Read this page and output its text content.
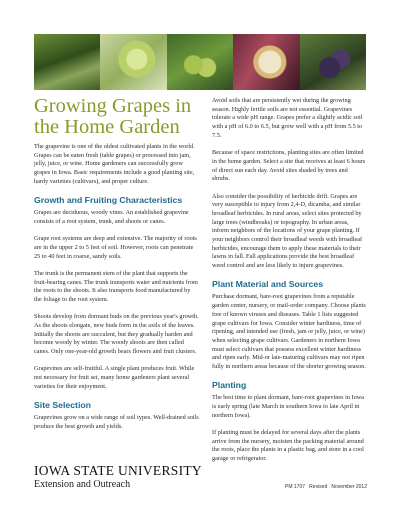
Growing Grapes in the Home Garden

The grapevine is one of the oldest cultivated plants in the world. Grapes can be eaten fresh (table grapes) or processed into jam, jelly, juice, or wine. Home gardeners can successfully grow grapes in Iowa. Basic requirements include a good planting site, hardy varieties (cultivars), and proper culture.

Growth and Fruiting Characteristics

Grapes are deciduous, woody vines. An established grapevine consists of a root system, trunk, and shoots or canes.

Grape root systems are deep and extensive. The majority of roots are in the upper 2 to 5 feet of soil. However, roots can penetrate 25 to 40 feet in coarse, sandy soils.

The trunk is the permanent stem of the plant that supports the fruit-bearing canes. The trunk transports water and nutrients from the roots to the shoots. It also transports food manufactured by the foliage to the root system.

Shoots develop from dormant buds on the previous year's growth. As the shoots elongate, new buds form in the axils of the leaves. Initially the shoots are succulent, but they gradually harden and become woody by winter. The woody shoots are then called canes. Only one-year-old growth bears flowers and fruit clusters.

Grapevines are self-fruitful. A single plant produces fruit. While not necessary for fruit set, many home gardeners plant several varieties for their enjoyment.

Site Selection

Grapevines grow on a wide range of soil types. Well-drained soils produce the best growth and yields.

Avoid soils that are persistently wet during the growing season. Highly fertile soils are not essential. Grapevines tolerate a wide pH range. Grapes prefer a slightly acidic soil with a pH of 6.0 to 6.5, but grow well with a pH from 5.5 to 7.5.

Because of space restrictions, planting sites are often limited in the home garden. Select a site that receives at least 6 hours of direct sun each day. Avoid sites shaded by trees and shrubs.

Also consider the possibility of herbicide drift. Grapes are very susceptible to injury from 2,4-D, dicamba, and similar broadleaf herbicides. In rural areas, select sites protected by large trees (windbreaks) or topography. In urban areas, inform neighbors of the locations of your grape planting. If your neighbors control their broadleaf weeds with broadleaf herbicides, encourage them to apply these materials to their lawns in fall. Fall applications provide the best broadleaf weed control and are less likely to injure grapevines.

Plant Material and Sources

Purchase dormant, bare-root grapevines from a reputable garden center, nursery, or mail-order company. Choose plants free of known viruses and diseases. Table 1 lists suggested grape cultivars for Iowa. Consider winter hardiness, time of ripening, and intended use (fresh, jam or jelly, juice, or wine) when selecting grape cultivars. Gardeners in northern Iowa must select cultivars that possess excellent winter hardiness and ripen early. Mid-or late-maturing cultivars may not ripen fully in northern areas because of the shorter growing season.

Planting

The best time to plant dormant, bare-root grapevines in Iowa is early spring (late March in southern Iowa to late April in northern Iowa).

If planting must be delayed for several days after the plants arrive from the nursery, moisten the packing material around the roots, place the plants in a plastic bag, and store in a cool garage or refrigerator.

IOWA STATE UNIVERSITY
Extension and Outreach	PM 1707   Revised   November 2012
